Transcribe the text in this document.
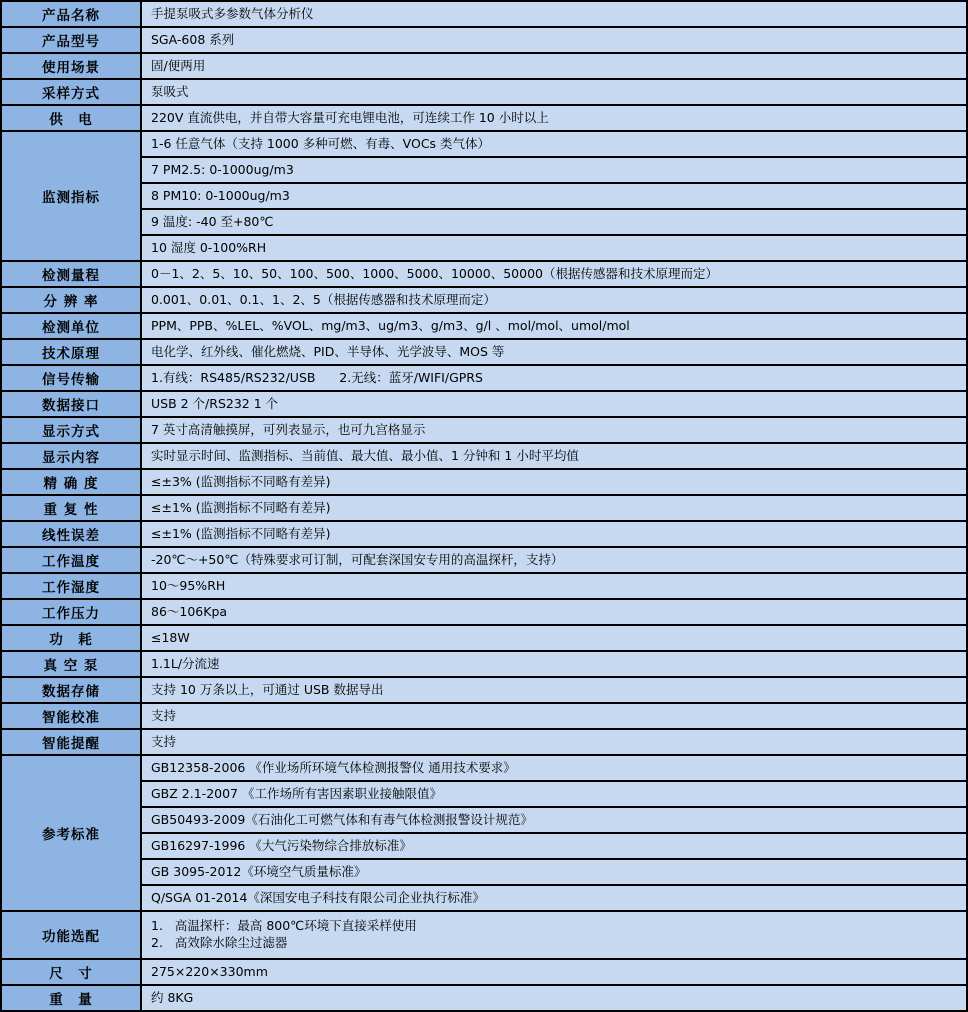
产品名称	手提泵吸式多参数气体分析仪
产品型号	SGA-608 系列
使用场景	固/便两用
采样方式	泵吸式
供　电	220V 直流供电，并自带大容量可充电锂电池，可连续工作 10 小时以上
监测指标	1-6 任意气体（支持 1000 多种可燃、有毒、VOCs 类气体）
	7 PM2.5: 0-1000ug/m3
	8 PM10: 0-1000ug/m3
	9 温度: -40 至+80℃
	10 湿度 0-100%RH
检测量程	0－1、2、5、10、50、100、500、1000、5000、10000、50000（根据传感器和技术原理而定）
分 辨 率	0.001、0.01、0.1、1、2、5（根据传感器和技术原理而定）
检测单位	PPM、PPB、%LEL、%VOL、mg/m3、ug/m3、g/m3、g/l 、mol/mol、umol/mol
技术原理	电化学、红外线、催化燃烧、PID、半导体、光学波导、MOS 等
信号传输	1.有线：RS485/RS232/USB      2.无线：蓝牙/WIFI/GPRS
数据接口	USB 2 个/RS232 1 个
显示方式	7 英寸高清触摸屏，可列表显示，也可九宫格显示
显示内容	实时显示时间、监测指标、当前值、最大值、最小值、1 分钟和 1 小时平均值
精 确 度	≤±3% (监测指标不同略有差异)
重 复 性	≤±1% (监测指标不同略有差异)
线性误差	≤±1% (监测指标不同略有差异)
工作温度	-20℃～+50℃（特殊要求可订制，可配套深国安专用的高温探杆，支持）
工作湿度	10～95%RH
工作压力	86～106Kpa
功　耗	≤18W
真 空 泵	1.1L/分流速
数据存储	支持 10 万条以上，可通过 USB 数据导出
智能校准	支持
智能提醒	支持
参考标准	GB12358-2006 《作业场所环境气体检测报警仪 通用技术要求》
	GBZ 2.1-2007 《工作场所有害因素职业接触限值》
	GB50493-2009《石油化工可燃气体和有毒气体检测报警设计规范》
	GB16297-1996 《大气污染物综合排放标准》
	GB 3095-2012《环境空气质量标准》
	Q/SGA 01-2014《深国安电子科技有限公司企业执行标准》
功能选配	1.   高温探杆：最高 800℃环境下直接采样使用
2.   高效除水除尘过滤器

尺　寸	275×220×330mm
重　量	约 8KG
